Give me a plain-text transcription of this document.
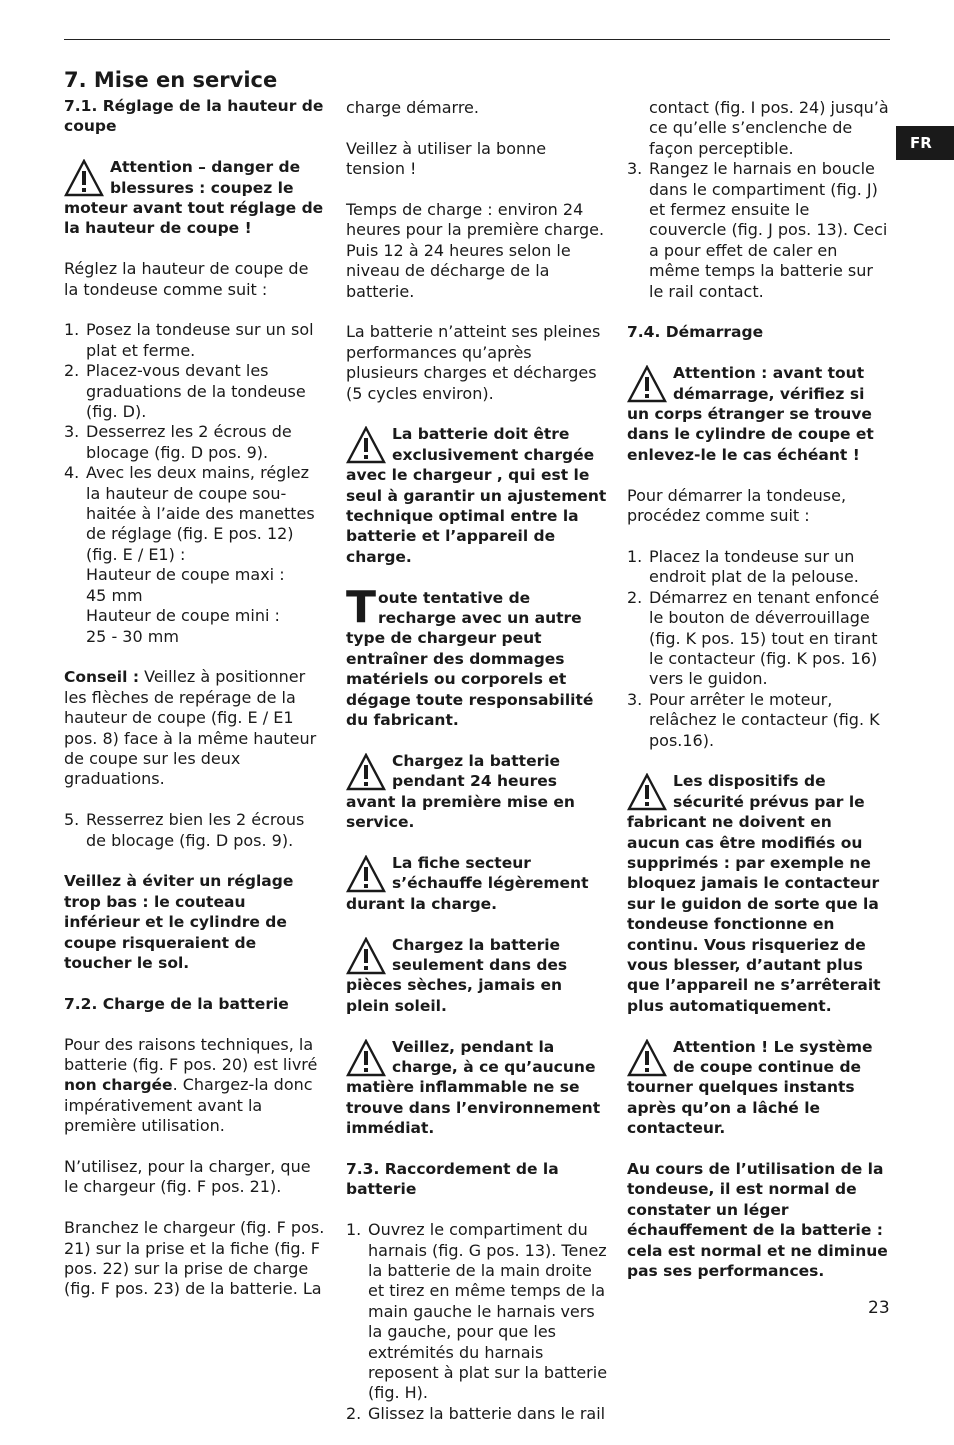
FR
7. Mise en service

7.1. Réglage de la hauteur de coupe

Attention – danger de blessures : coupez le moteur avant tout réglage de la hauteur de coupe !

Réglez la hauteur de coupe de la tondeuse comme suit :

1. Posez la tondeuse sur un sol plat et ferme.
2. Placez-vous devant les graduations de la tondeuse (fig. D).
3. Desserrez les 2 écrous de blocage (fig. D pos. 9).
4. Avec les deux mains, réglez la hauteur de coupe sou-haitée à l’aide des manettes de réglage (fig. E pos. 12) (fig. E / E1) :
Hauteur de coupe maxi :
45 mm
Hauteur de coupe mini :
25 - 30 mm

Conseil : Veillez à positionner les flèches de repérage de la hauteur de coupe (fig. E / E1 pos. 8) face à la même hauteur de coupe sur les deux graduations.

5. Resserrez bien les 2 écrous de blocage (fig. D pos. 9).

Veillez à éviter un réglage trop bas : le couteau inférieur et le cylindre de coupe risqueraient de toucher le sol.

7.2. Charge de la batterie

Pour des raisons techniques, la batterie (fig. F pos. 20) est livré non chargée. Chargez-la donc impérativement avant la première utilisation.

N’utilisez, pour la charger, que le chargeur (fig. F pos. 21).

Branchez le chargeur (fig. F pos. 21) sur la prise et la fiche (fig. F pos. 22) sur la prise de charge (fig. F pos. 23) de la batterie. La

charge démarre.

Veillez à utiliser la bonne tension !

Temps de charge : environ 24 heures pour la première charge. Puis 12 à 24 heures selon le niveau de décharge de la batterie.

La batterie n’atteint ses pleines performances qu’après plusieurs charges et décharges (5 cycles environ).

La batterie doit être exclusivement chargée avec le chargeur , qui est le seul à garantir un ajustement technique optimal entre la batterie et l’appareil de charge.
T oute tentative de recharge avec un autre type de chargeur peut entraîner des dommages matériels ou corporels et dégage toute responsabilité du fabricant.
Chargez la batterie pendant 24 heures avant la première mise en service.
La fiche secteur s’échauffe légèrement durant la charge.
Chargez la batterie seulement dans des pièces sèches, jamais en plein soleil.
Veillez, pendant la charge, à ce qu’aucune matière inflammable ne se trouve dans l’environnement immédiat.

7.3. Raccordement de la batterie

1. Ouvrez le compartiment du harnais (fig. G pos. 13). Tenez la batterie de la main droite et tirez en même temps de la main gauche le harnais vers la gauche, pour que les extrémités du harnais reposent à plat sur la batterie (fig. H).
2. Glissez la batterie dans le rail
contact (fig. I pos. 24) jusqu’à ce qu’elle s’enclenche de façon perceptible.
3. Rangez le harnais en boucle dans le compartiment (fig. J) et fermez ensuite le couvercle (fig. J pos. 13). Ceci a pour effet de caler en même temps la batterie sur le rail contact.

7.4. Démarrage

Attention : avant tout démarrage, vérifiez si un corps étranger se trouve dans le cylindre de coupe et enlevez-le le cas échéant !

Pour démarrer la tondeuse, procédez comme suit :

1. Placez la tondeuse sur un endroit plat de la pelouse.
2. Démarrez en tenant enfoncé le bouton de déverrouillage (fig. K pos. 15) tout en tirant le contacteur (fig. K pos. 16) vers le guidon.
3. Pour arrêter le moteur, relâchez le contacteur (fig. K pos.16).
Les dispositifs de sécurité prévus par le fabricant ne doivent en aucun cas être modifiés ou supprimés : par exemple ne bloquez jamais le contacteur sur le guidon de sorte que la tondeuse fonctionne en continu. Vous risqueriez de vous blesser, d’autant plus que l’appareil ne s’arrêterait plus automatiquement.
Attention ! Le système de coupe continue de tourner quelques instants après qu’on a lâché le contacteur.

Au cours de l’utilisation de la tondeuse, il est normal de constater un léger échauffement de la batterie : cela est normal et ne diminue pas ses performances.

23
